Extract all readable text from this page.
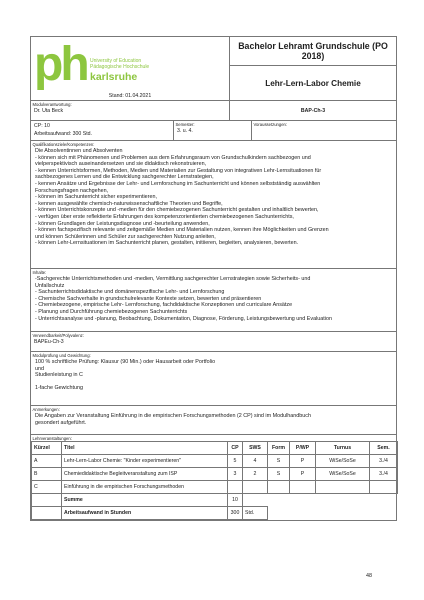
ph University of Education
Pädagogische Hochschule
karlsruhe
Stand: 01.04.2021
	Bachelor Lehramt Grundschule (PO 2018)
Lehr-Lern-Labor Chemie

Modulverantwortung:
Dr. Uta Beck	BAP-Ch-3

CP: 10
Arbeitsaufwand: 300 Std.

Semester:
3. u. 4.

Voraussetzungen:

Qualifikationsziele/Kompetenzen:
Die Absolventinnen und Absolventen
- können sich mit Phänomenen und Problemen aus dem Erfahrungsraum von Grundschulkindern sachbezogen und
vielperspektivisch auseinandersetzen und sie didaktisch rekonstruieren,
- kennen Unterrichtsformen, Methoden, Medien und Materialien zur Gestaltung von integrativen Lehr-Lernsituationen für
sachbezogenes Lernen und die Entwicklung sachgerechter Lernstrategien,
- kennen Ansätze und Ergebnisse der Lehr- und Lernforschung im Sachunterricht und können selbstständig auswählten
Forschungsfragen nachgehen,
- können im Sachunterricht sicher experimentieren,
- kennen ausgewählte chemisch-naturwissenschaftliche Theorien und Begriffe,
- können Unterrichtskonzepte und -medien für den chemiebezogenen Sachunterricht gestalten und inhaltlich bewerten,
- verfügen über erste reflektierte Erfahrungen des kompetenzorientierten chemiebezogenen Sachunterrichts,
- können Grundlagen der Leistungsdiagnose und -beurteilung anwenden,
- können fachspezifisch relevante und zeitgemäße Medien und Materialien nutzen, kennen ihre Möglichkeiten und Grenzen
und können Schülerinnen und Schüler zur sachgerechten Nutzung anleiten,
- können Lehr-Lernsituationen im Sachunterricht planen, gestalten, initiieren, begleiten, analysieren, bewerten.

Inhalte:
-Sachgerechte Unterrichtsmethoden und -medien, Vermittlung sachgerechter Lernstrategien sowie Sicherheits- und
Unfallschutz
- Sachunterrichtsdidaktische und domänenspezifische Lehr- und Lernforschung
- Chemische Sachverhalte in grundschulrelevante Kontexte setzen, bewerten und präsentieren
- Chemiebezogene, empirische Lehr- Lernforschung, fachdidaktische Konzeptionen und curriculare Ansätze
- Planung und Durchführung chemiebezogenen Sachunterrichts
- Unterrichtsanalyse und -planung, Beobachtung, Dokumentation, Diagnose, Förderung, Leistungsbewertung und Evaluation

Verwendbarkeit/Polyvalenz:
BAPEu-Ch-3

Modulprüfung und Gewichtung:
100 % schriftliche Prüfung: Klausur (90 Min.) oder Hausarbeit oder Portfolio
und
Studienleistung in C
1-fache Gewichtung

Anmerkungen:
Die Angaben zur Veranstaltung Einführung in die empirischen Forschungsmethoden (2 CP) sind im Modulhandbuch
gesondert aufgeführt.

Lehrveranstaltungen:
Kürzel	Titel	CP	SWS	Form	P/WP	Turnus	Sem.
A	Lehr-Lern-Labor Chemie: "Kinder experimentieren"	5	4	S	P	WiSe/SoSe	3./4
B	Chemiedidaktische Begleitveranstaltung zum ISP	3	2	S	P	WiSe/SoSe	3./4
C	Einführung in die empirischen Forschungsmethoden						
	Summe	10	
	Arbeitsaufwand in Stunden	300	Std.	
48
